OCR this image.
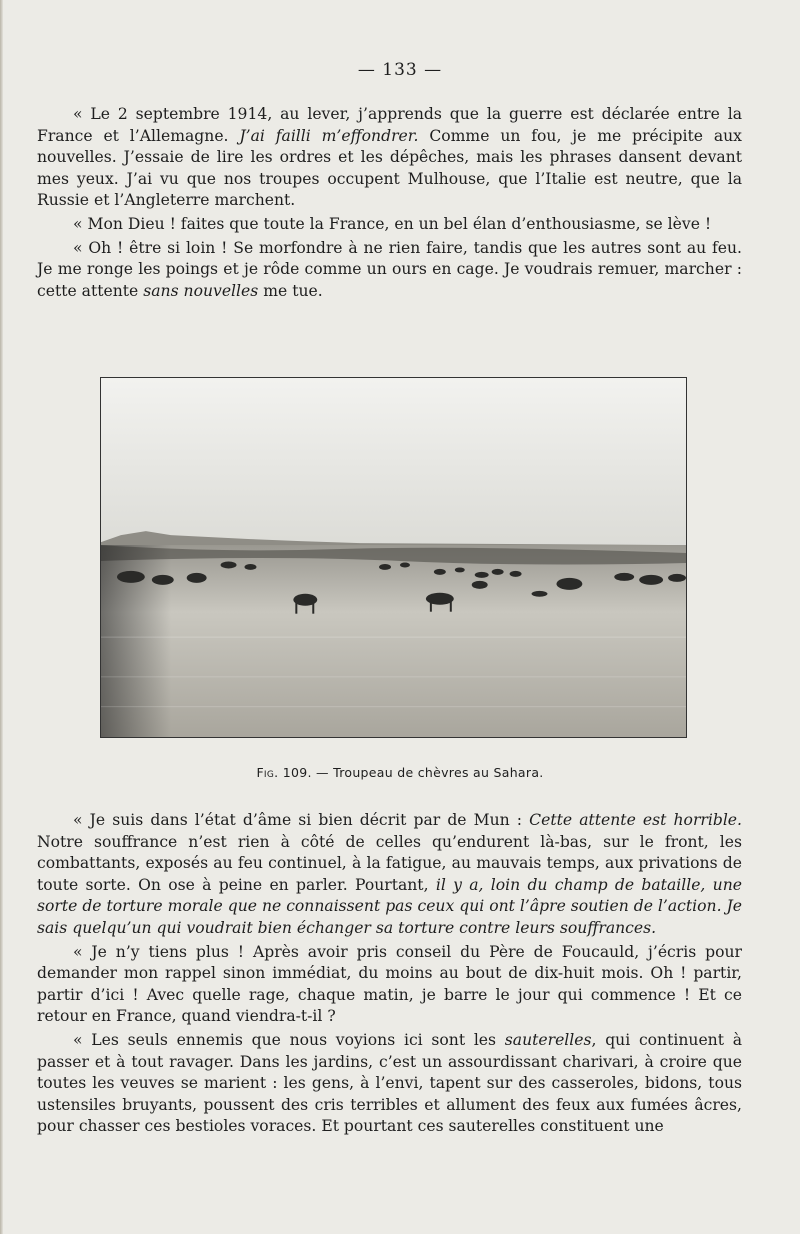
— 133 —

« Le 2 septembre 1914, au lever, j’apprends que la guerre est déclarée entre la France et l’Allemagne. J’ai failli m’effondrer. Comme un fou, je me précipite aux nouvelles. J’essaie de lire les ordres et les dépêches, mais les phrases dansent devant mes yeux. J’ai vu que nos troupes occupent Mulhouse, que l’Italie est neutre, que la Russie et l’Angleterre marchent.

« Mon Dieu ! faites que toute la France, en un bel élan d’enthousiasme, se lève !

« Oh ! être si loin ! Se morfondre à ne rien faire, tandis que les autres sont au feu. Je me ronge les poings et je rôde comme un ours en cage. Je voudrais remuer, marcher : cette attente sans nouvelles me tue.

Fig. 109. — Troupeau de chèvres au Sahara.

« Je suis dans l’état d’âme si bien décrit par de Mun : Cette attente est horrible. Notre souffrance n’est rien à côté de celles qu’endurent là-bas, sur le front, les combattants, exposés au feu continuel, à la fatigue, au mauvais temps, aux privations de toute sorte. On ose à peine en parler. Pourtant, il y a, loin du champ de bataille, une sorte de torture morale que ne connaissent pas ceux qui ont l’âpre soutien de l’action. Je sais quelqu’un qui voudrait bien échanger sa torture contre leurs souffrances.

« Je n’y tiens plus ! Après avoir pris conseil du Père de Foucauld, j’écris pour demander mon rappel sinon immédiat, du moins au bout de dix-huit mois. Oh ! partir, partir d’ici ! Avec quelle rage, chaque matin, je barre le jour qui commence ! Et ce retour en France, quand viendra-t-il ?

« Les seuls ennemis que nous voyions ici sont les sauterelles, qui continuent à passer et à tout ravager. Dans les jardins, c’est un assourdissant charivari, à croire que toutes les veuves se marient : les gens, à l’envi, tapent sur des casseroles, bidons, tous ustensiles bruyants, poussent des cris terribles et allument des feux aux fumées âcres, pour chasser ces bestioles voraces. Et pourtant ces sauterelles constituent une
